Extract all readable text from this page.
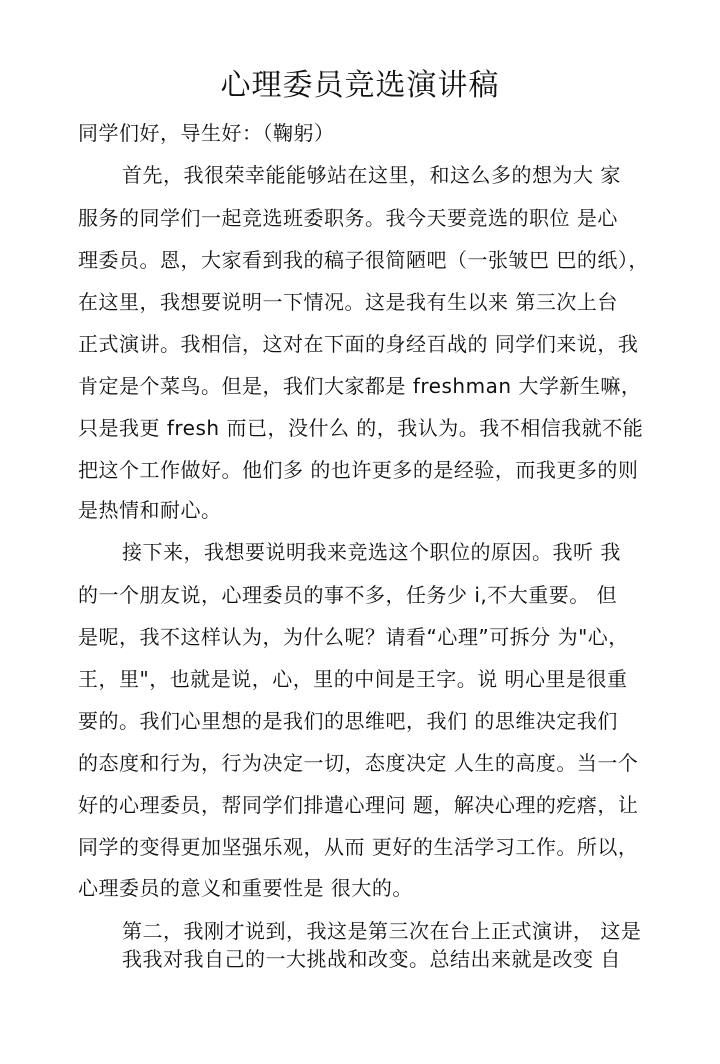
心理委员竞选演讲稿
同学们好，导生好：（鞠躬）
首先，我很荣幸能能够站在这里，和这么多的想为大 家
服务的同学们一起竞选班委职务。我今天要竞选的职位 是心
理委员。恩，大家看到我的稿子很简陋吧（一张皱巴 巴的纸），
在这里，我想要说明一下情况。这是我有生以来 第三次上台
正式演讲。我相信，这对在下面的身经百战的 同学们来说，我
肯定是个菜鸟。但是，我们大家都是 freshman 大学新生嘛，
只是我更 fresh 而已，没什么 的，我认为。我不相信我就不能
把这个工作做好。他们多 的也许更多的是经验，而我更多的则
是热情和耐心。
接下来，我想要说明我来竞选这个职位的原因。我听 我
的一个朋友说，心理委员的事不多，任务少 i,不大重要。 但
是呢，我不这样认为，为什么呢？请看“心理”可拆分 为"心，
王，里"，也就是说，心，里的中间是王字。说 明心里是很重
要的。我们心里想的是我们的思维吧，我们 的思维决定我们
的态度和行为，行为决定一切，态度决定 人生的高度。当一个
好的心理委员，帮同学们排遣心理问 题，解决心理的疙瘩，让
同学的变得更加坚强乐观，从而 更好的生活学习工作。所以，
心理委员的意义和重要性是 很大的。
第二，我刚才说到，我这是第三次在台上正式演讲， 这是
我我对我自己的一大挑战和改变。总结出来就是改变 自
